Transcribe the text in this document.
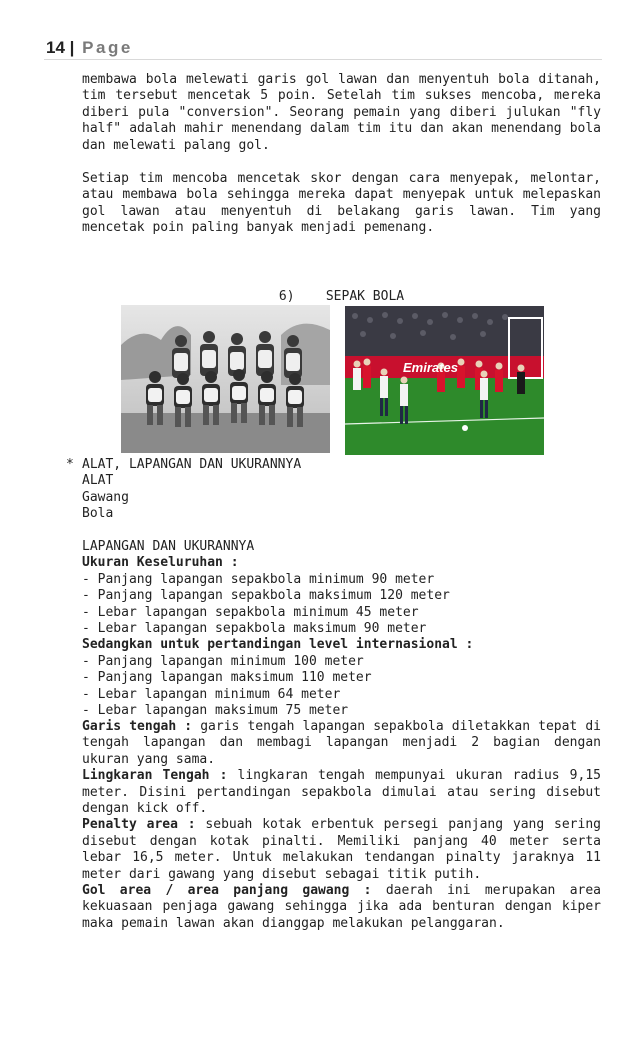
14 | Page

membawa bola melewati garis gol lawan dan menyentuh bola ditanah, tim tersebut mencetak 5 poin. Setelah tim sukses mencoba, mereka diberi pula "conversion". Seorang pemain yang diberi julukan "fly half" adalah mahir menendang dalam tim itu dan akan menendang bola dan melewati palang gol.

Setiap tim mencoba mencetak skor dengan cara menyepak, melontar, atau membawa bola sehingga mereka dapat menyepak untuk melepaskan gol lawan atau menyentuh di belakang garis lawan. Tim yang mencetak poin paling banyak menjadi pemenang.

6)    SEPAK BOLA
Emirates
* ALAT, LAPANGAN DAN UKURANNYA
ALAT
Gawang
Bola
LAPANGAN DAN UKURANNYA
Ukuran Keseluruhan :
- Panjang lapangan sepakbola minimum 90 meter
- Panjang lapangan sepakbola maksimum 120 meter
- Lebar lapangan sepakbola minimum 45 meter
- Lebar lapangan sepakbola maksimum 90 meter
Sedangkan untuk pertandingan level internasional :
- Panjang lapangan minimum 100 meter
- Panjang lapangan maksimum 110 meter
- Lebar lapangan minimum 64 meter
- Lebar lapangan maksimum 75 meter

Garis tengah : garis tengah lapangan sepakbola diletakkan tepat di tengah lapangan dan membagi lapangan menjadi 2 bagian dengan ukuran yang sama.

Lingkaran Tengah : lingkaran tengah mempunyai ukuran radius 9,15 meter. Disini pertandingan sepakbola dimulai atau sering disebut dengan kick off.

Penalty area : sebuah kotak erbentuk persegi panjang yang sering disebut dengan kotak pinalti. Memiliki panjang 40 meter serta lebar 16,5 meter. Untuk melakukan tendangan pinalty jaraknya 11 meter dari gawang yang disebut sebagai titik putih.

Gol area / area panjang gawang : daerah ini merupakan area kekuasaan penjaga gawang sehingga jika ada benturan dengan kiper maka pemain lawan akan dianggap melakukan pelanggaran.
